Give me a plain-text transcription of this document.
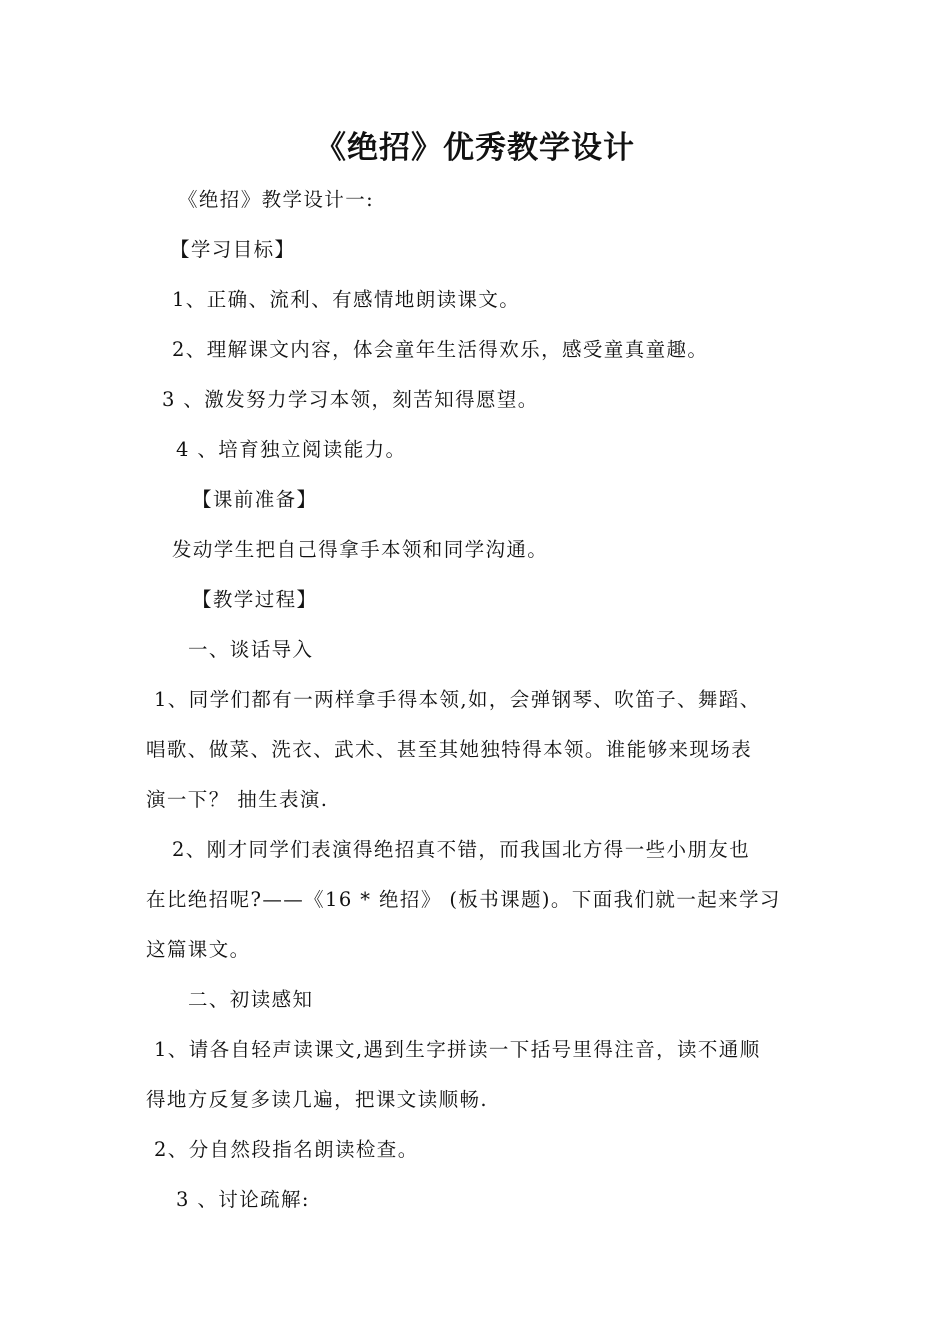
《绝招》优秀教学设计
《绝招》教学设计一:
【学习目标】
1、正确、流利、有感情地朗读课文。
2、理解课文内容，体会童年生活得欢乐，感受童真童趣。
3 、激发努力学习本领，刻苦知得愿望。
4 、培育独立阅读能力。
【课前准备】
发动学生把自己得拿手本领和同学沟通。
【教学过程】
一、谈话导入
1、同学们都有一两样拿手得本领,如，会弹钢琴、吹笛子、舞蹈、
唱歌、做菜、洗衣、武术、甚至其她独特得本领。谁能够来现场表
演一下？ 抽生表演.
2、刚才同学们表演得绝招真不错，而我国北方得一些小朋友也
在比绝招呢?——《16 * 绝招》 (板书课题)。下面我们就一起来学习
这篇课文。
二、初读感知
1、请各自轻声读课文,遇到生字拼读一下括号里得注音，读不通顺
得地方反复多读几遍，把课文读顺畅.
2、分自然段指名朗读检查。
3 、讨论疏解:
